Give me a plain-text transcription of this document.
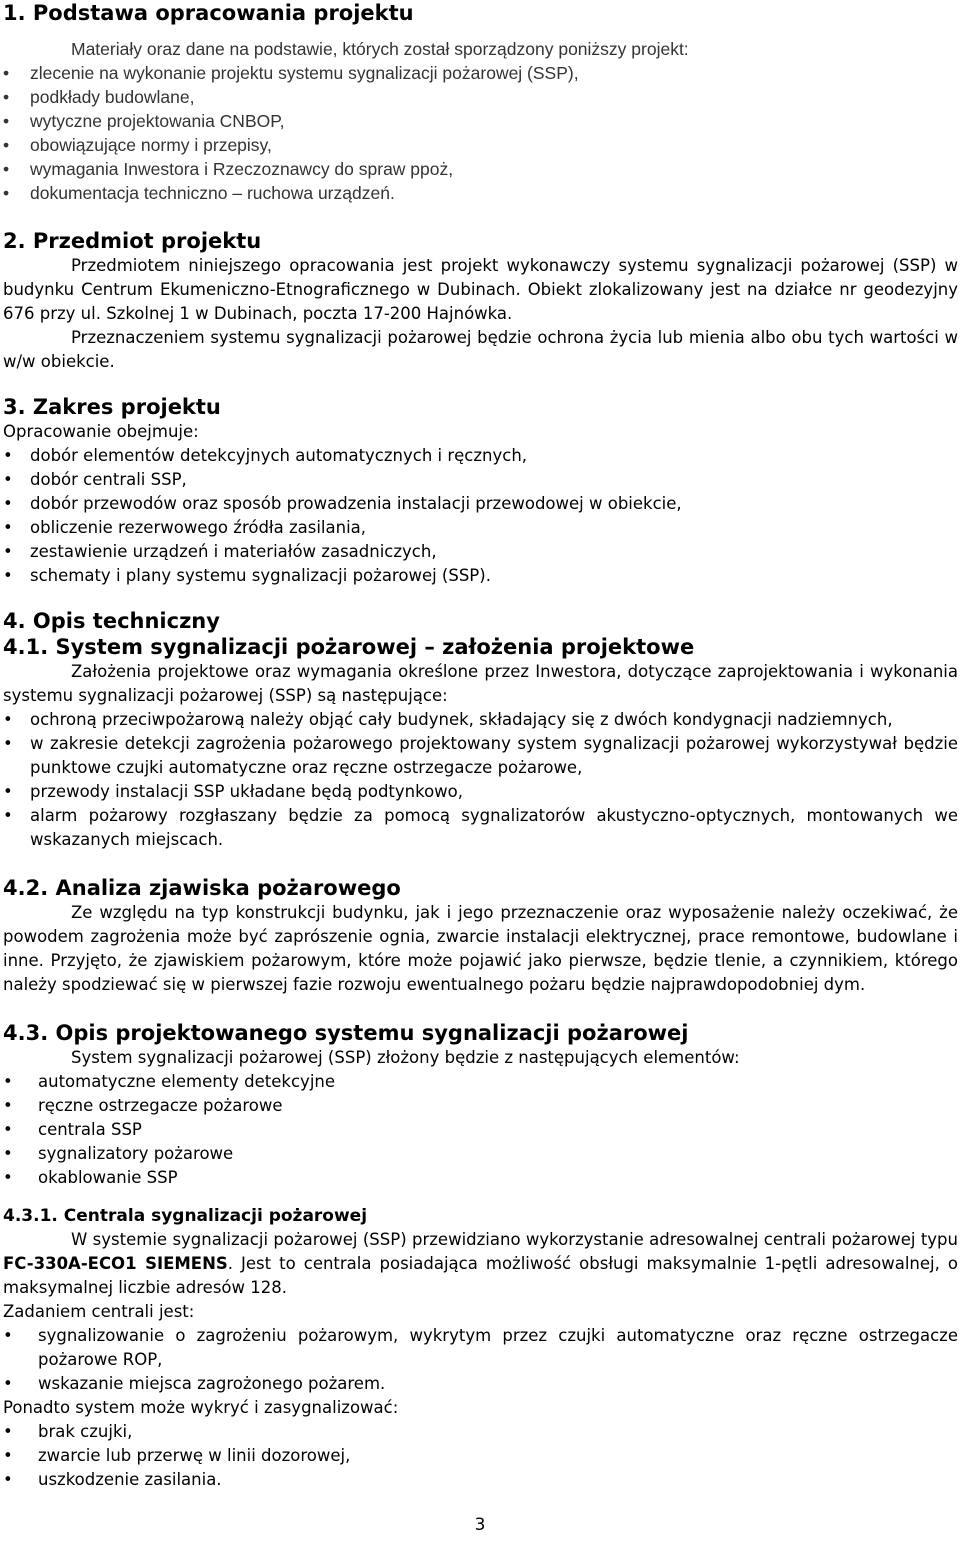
1. Podstawa opracowania projektu

Materiały oraz dane na podstawie, których został sporządzony poniższy projekt:

• zlecenie na wykonanie projektu systemu sygnalizacji pożarowej (SSP),
• podkłady budowlane,
• wytyczne projektowania CNBOP,
• obowiązujące normy i przepisy,
• wymagania Inwestora i Rzeczoznawcy do spraw ppoż,
• dokumentacja techniczno – ruchowa urządzeń.
2. Przedmiot projektu

Przedmiotem niniejszego opracowania jest projekt wykonawczy systemu sygnalizacji pożarowej (SSP) w budynku Centrum Ekumeniczno-Etnograficznego w Dubinach. Obiekt zlokalizowany jest na działce nr geodezyjny 676 przy ul. Szkolnej 1 w Dubinach, poczta 17-200 Hajnówka.

Przeznaczeniem systemu sygnalizacji pożarowej będzie ochrona życia lub mienia albo obu tych wartości w w/w obiekcie.

3. Zakres projektu

Opracowanie obejmuje:

• dobór elementów detekcyjnych automatycznych i ręcznych,
• dobór centrali SSP,
• dobór przewodów oraz sposób prowadzenia instalacji przewodowej w obiekcie,
• obliczenie rezerwowego źródła zasilania,
• zestawienie urządzeń i materiałów zasadniczych,
• schematy i plany systemu sygnalizacji pożarowej (SSP).
4. Opis techniczny
4.1. System sygnalizacji pożarowej – założenia projektowe

Założenia projektowe oraz wymagania określone przez Inwestora, dotyczące zaprojektowania i wykonania systemu sygnalizacji pożarowej (SSP) są następujące:

• ochroną przeciwpożarową należy objąć cały budynek, składający się z dwóch kondygnacji nadziemnych,
• w zakresie detekcji zagrożenia pożarowego projektowany system sygnalizacji pożarowej wykorzystywał będzie punktowe czujki automatyczne oraz ręczne ostrzegacze pożarowe,
• przewody instalacji SSP układane będą podtynkowo,
• alarm pożarowy rozgłaszany będzie za pomocą sygnalizatorów akustyczno-optycznych, montowanych we wskazanych miejscach.
4.2. Analiza zjawiska pożarowego

Ze względu na typ konstrukcji budynku, jak i jego przeznaczenie oraz wyposażenie należy oczekiwać, że powodem zagrożenia może być zaprószenie ognia, zwarcie instalacji elektrycznej, prace remontowe, budowlane i inne. Przyjęto, że zjawiskiem pożarowym, które może pojawić jako pierwsze, będzie tlenie, a czynnikiem, którego należy spodziewać się w pierwszej fazie rozwoju ewentualnego pożaru będzie najprawdopodobniej dym.

4.3. Opis projektowanego systemu sygnalizacji pożarowej

System sygnalizacji pożarowej (SSP) złożony będzie z następujących elementów:

• automatyczne elementy detekcyjne
• ręczne ostrzegacze pożarowe
• centrala SSP
• sygnalizatory pożarowe
• okablowanie SSP
4.3.1. Centrala sygnalizacji pożarowej

W systemie sygnalizacji pożarowej (SSP) przewidziano wykorzystanie adresowalnej centrali pożarowej typu FC-330A-ECO1 SIEMENS. Jest to centrala posiadająca możliwość obsługi maksymalnie 1-pętli adresowalnej, o maksymalnej liczbie adresów 128.

Zadaniem centrali jest:

• sygnalizowanie o zagrożeniu pożarowym, wykrytym przez czujki automatyczne oraz ręczne ostrzegacze pożarowe ROP,
• wskazanie miejsca zagrożonego pożarem.

Ponadto system może wykryć i zasygnalizować:

• brak czujki,
• zwarcie lub przerwę w linii dozorowej,
• uszkodzenie zasilania.
3
